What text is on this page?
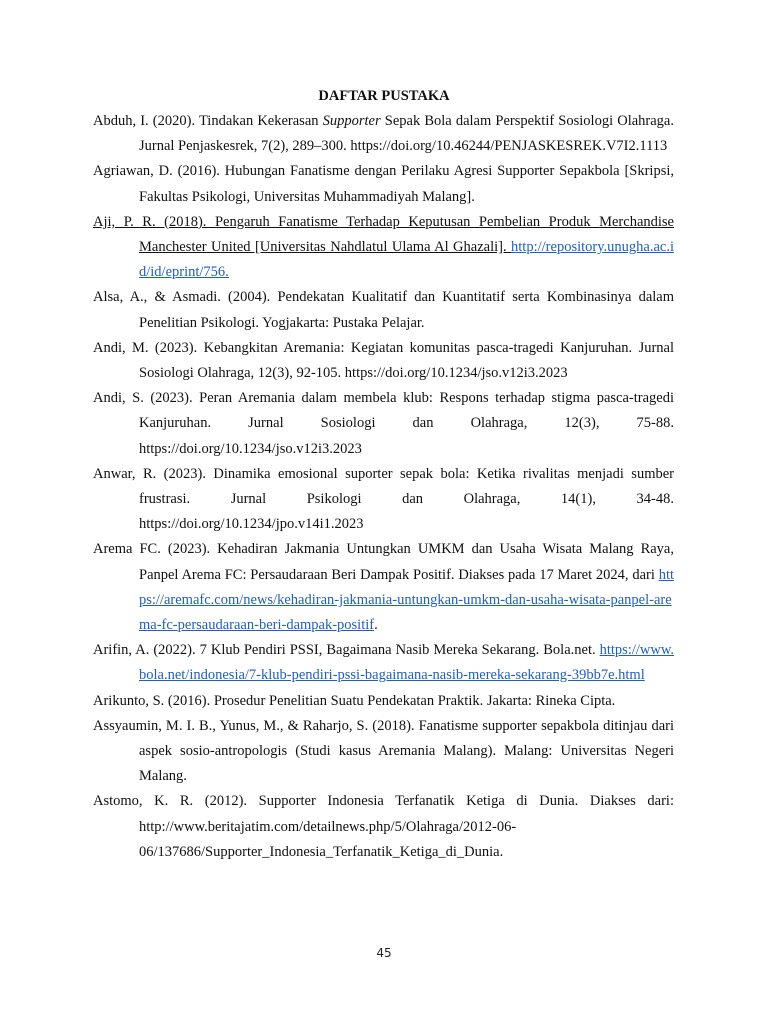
DAFTAR PUSTAKA

Abduh, I. (2020). Tindakan Kekerasan Supporter Sepak Bola dalam Perspektif Sosiologi Olahraga. Jurnal Penjaskesrek, 7(2), 289–300. https://doi.org/10.46244/PENJASKESREK.V7I2.1113

Agriawan, D. (2016). Hubungan Fanatisme dengan Perilaku Agresi Supporter Sepakbola [Skripsi, Fakultas Psikologi, Universitas Muhammadiyah Malang].

Aji, P. R. (2018). Pengaruh Fanatisme Terhadap Keputusan Pembelian Produk Merchandise Manchester United [Universitas Nahdlatul Ulama Al Ghazali]. http://repository.unugha.ac.id/id/eprint/756.

Alsa, A., & Asmadi. (2004). Pendekatan Kualitatif dan Kuantitatif serta Kombinasinya dalam Penelitian Psikologi. Yogjakarta: Pustaka Pelajar.

Andi, M. (2023). Kebangkitan Aremania: Kegiatan komunitas pasca-tragedi Kanjuruhan. Jurnal Sosiologi Olahraga, 12(3), 92-105. https://doi.org/10.1234/jso.v12i3.2023

Andi, S. (2023). Peran Aremania dalam membela klub: Respons terhadap stigma pasca-tragedi Kanjuruhan. Jurnal Sosiologi dan Olahraga, 12(3), 75-88. https://doi.org/10.1234/jso.v12i3.2023

Anwar, R. (2023). Dinamika emosional suporter sepak bola: Ketika rivalitas menjadi sumber frustrasi. Jurnal Psikologi dan Olahraga, 14(1), 34-48. https://doi.org/10.1234/jpo.v14i1.2023

Arema FC. (2023). Kehadiran Jakmania Untungkan UMKM dan Usaha Wisata Malang Raya, Panpel Arema FC: Persaudaraan Beri Dampak Positif. Diakses pada 17 Maret 2024, dari https://aremafc.com/news/kehadiran-jakmania-untungkan-umkm-dan-usaha-wisata-panpel-arema-fc-persaudaraan-beri-dampak-positif.

Arifin, A. (2022). 7 Klub Pendiri PSSI, Bagaimana Nasib Mereka Sekarang. Bola.net. https://www.bola.net/indonesia/7-klub-pendiri-pssi-bagaimana-nasib-mereka-sekarang-39bb7e.html

Arikunto, S. (2016). Prosedur Penelitian Suatu Pendekatan Praktik. Jakarta: Rineka Cipta.

Assyaumin, M. I. B., Yunus, M., & Raharjo, S. (2018). Fanatisme supporter sepakbola ditinjau dari aspek sosio-antropologis (Studi kasus Aremania Malang). Malang: Universitas Negeri Malang.

Astomo, K. R. (2012). Supporter Indonesia Terfanatik Ketiga di Dunia. Diakses dari: http://www.beritajatim.com/detailnews.php/5/Olahraga/2012-06-06/137686/Supporter_Indonesia_Terfanatik_Ketiga_di_Dunia.

45
